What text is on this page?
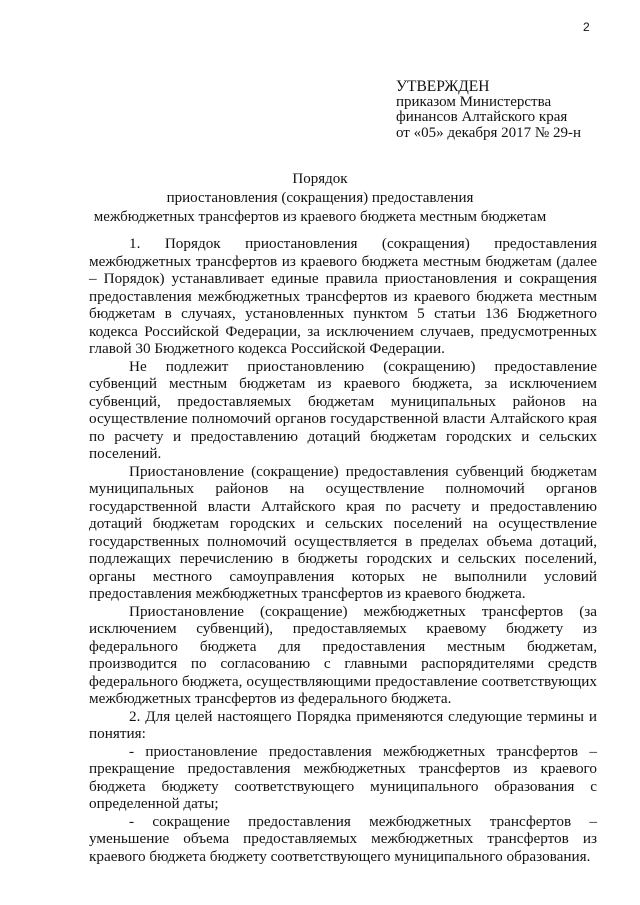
2
УТВЕРЖДЕН
приказом Министерства
финансов Алтайского края
от «05» декабря 2017 № 29-н
Порядок
приостановления (сокращения) предоставления
межбюджетных трансфертов из краевого бюджета местным бюджетам

1. Порядок приостановления (сокращения) предоставления межбюджетных трансфертов из краевого бюджета местным бюджетам (далее – Порядок) устанавливает единые правила приостановления и сокращения предоставления межбюджетных трансфертов из краевого бюджета местным бюджетам в случаях, установленных пунктом 5 статьи 136 Бюджетного кодекса Российской Федерации, за исключением случаев, предусмотренных главой 30 Бюджетного кодекса Российской Федерации.

Не подлежит приостановлению (сокращению) предоставление субвенций местным бюджетам из краевого бюджета, за исключением субвенций, предоставляемых бюджетам муниципальных районов на осуществление полномочий органов государственной власти Алтайского края по расчету и предоставлению дотаций бюджетам городских и сельских поселений.

Приостановление (сокращение) предоставления субвенций бюджетам муниципальных районов на осуществление полномочий органов государственной власти Алтайского края по расчету и предоставлению дотаций бюджетам городских и сельских поселений на осуществление государственных полномочий осуществляется в пределах объема дотаций, подлежащих перечислению в бюджеты городских и сельских поселений, органы местного самоуправления которых не выполнили условий предоставления межбюджетных трансфертов из краевого бюджета.

Приостановление (сокращение) межбюджетных трансфертов (за исключением субвенций), предоставляемых краевому бюджету из федерального бюджета для предоставления местным бюджетам, производится по согласованию с главными распорядителями средств федерального бюджета, осуществляющими предоставление соответствующих межбюджетных трансфертов из федерального бюджета.

2. Для целей настоящего Порядка применяются следующие термины и понятия:

- приостановление предоставления межбюджетных трансфертов – прекращение предоставления межбюджетных трансфертов из краевого бюджета бюджету соответствующего муниципального образования с определенной даты;

- сокращение предоставления межбюджетных трансфертов – уменьшение объема предоставляемых межбюджетных трансфертов из краевого бюджета бюджету соответствующего муниципального образования.
